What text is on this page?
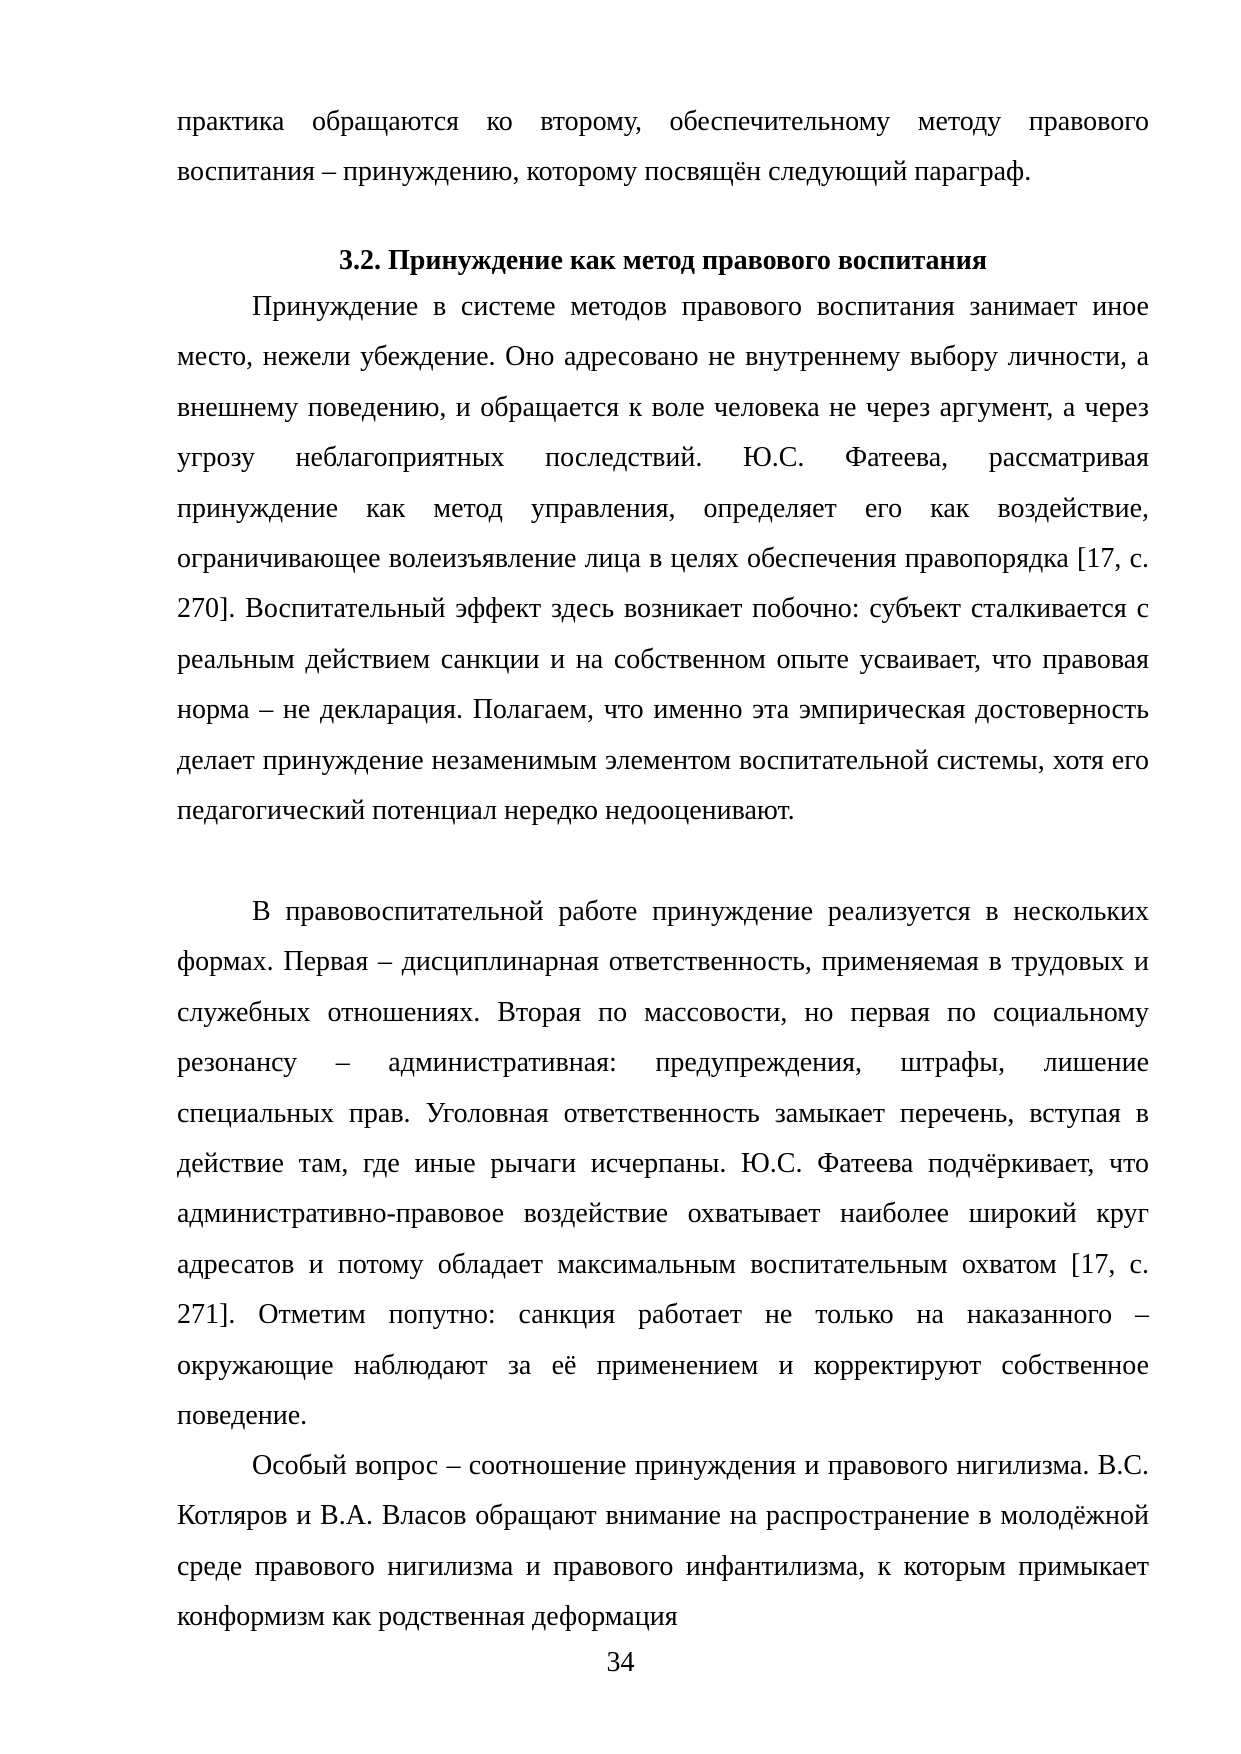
практика обращаются ко второму, обеспечительному методу правового воспитания – принуждению, которому посвящён следующий параграф.

3.2. Принуждение как метод правового воспитания

Принуждение в системе методов правового воспитания занимает иное место, нежели убеждение. Оно адресовано не внутреннему выбору личности, а внешнему поведению, и обращается к воле человека не через аргумент, а через угрозу неблагоприятных последствий. Ю.С. Фатеева, рассматривая принуждение как метод управления, определяет его как воздействие, ограничивающее волеизъявление лица в целях обеспечения правопорядка [17, с. 270]. Воспитательный эффект здесь возникает побочно: субъект сталкивается с реальным действием санкции и на собственном опыте усваивает, что правовая норма – не декларация. Полагаем, что именно эта эмпирическая достоверность делает принуждение незаменимым элементом воспитательной системы, хотя его педагогический потенциал нередко недооценивают.

В правовоспитательной работе принуждение реализуется в нескольких формах. Первая – дисциплинарная ответственность, применяемая в трудовых и служебных отношениях. Вторая по массовости, но первая по социальному резонансу – административная: предупреждения, штрафы, лишение специальных прав. Уголовная ответственность замыкает перечень, вступая в действие там, где иные рычаги исчерпаны. Ю.С. Фатеева подчёркивает, что административно-правовое воздействие охватывает наиболее широкий круг адресатов и потому обладает максимальным воспитательным охватом [17, с. 271]. Отметим попутно: санкция работает не только на наказанного – окружающие наблюдают за её применением и корректируют собственное поведение.

Особый вопрос – соотношение принуждения и правового нигилизма. В.С. Котляров и В.А. Власов обращают внимание на распространение в молодёжной среде правового нигилизма и правового инфантилизма, к которым примыкает конформизм как родственная деформация

34
